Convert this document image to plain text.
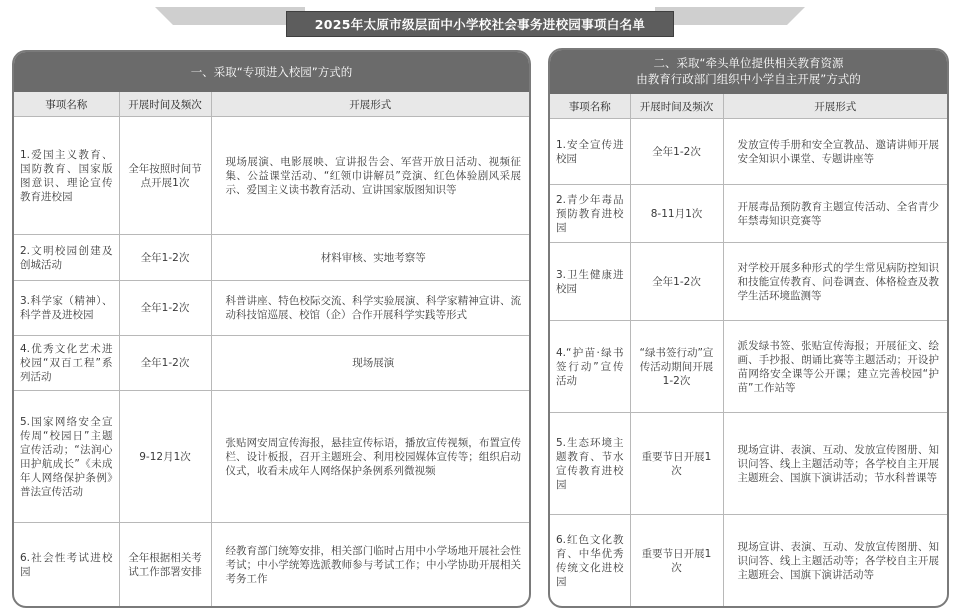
2025年太原市级层面中小学校社会事务进校园事项白名单
一、采取“专项进入校园”方式的
事项名称	开展时间及频次	开展形式
1.爱国主义教育、国防教育、国家版图意识、理论宣传教育进校园	全年按照时间节点开展1次	现场展演、电影展映、宣讲报告会、军营开放日活动、视频征集、公益课堂活动、“红领巾讲解员”竞演、红色体验剧风采展示、爱国主义读书教育活动、宣讲国家版图知识等
2.文明校园创建及创城活动	全年1-2次	材料审核、实地考察等
3.科学家（精神）、科学普及进校园	全年1-2次	科普讲座、特色校际交流、科学实验展演、科学家精神宣讲、流动科技馆巡展、校馆（企）合作开展科学实践等形式
4.优秀文化艺术进校园“双百工程”系列活动	全年1-2次	现场展演
5.国家网络安全宣传周“校园日”主题宣传活动；“法润心田护航成长”《未成年人网络保护条例》普法宣传活动	9-12月1次	张贴网安周宣传海报，悬挂宣传标语，播放宣传视频，布置宣传栏、设计板报，召开主题班会、利用校园媒体宣传等；组织启动仪式，收看未成年人网络保护条例系列微视频
6.社会性考试进校园	全年根据相关考试工作部署安排	经教育部门统筹安排，相关部门临时占用中小学场地开展社会性考试；中小学统筹选派教师参与考试工作；中小学协助开展相关考务工作
二、采取“牵头单位提供相关教育资源
由教育行政部门组织中小学自主开展”方式的
事项名称	开展时间及频次	开展形式
1.安全宣传进校园	全年1-2次	发放宣传手册和安全宣教品、邀请讲师开展安全知识小课堂、专题讲座等
2.青少年毒品预防教育进校园	8-11月1次	开展毒品预防教育主题宣传活动、全省青少年禁毒知识竞赛等
3.卫生健康进校园	全年1-2次	对学校开展多种形式的学生常见病防控知识和技能宣传教育、问卷调查、体格检查及教学生活环境监测等
4.“护苗·绿书签行动”宣传活动	“绿书签行动”宣传活动期间开展1-2次	派发绿书签、张贴宣传海报；开展征文、绘画、手抄报、朗诵比赛等主题活动；开设护苗网络安全课等公开课；建立完善校园“护苗”工作站等
5.生态环境主题教育、节水宣传教育进校园	重要节日开展1次	现场宣讲、表演、互动、发放宣传图册、知识问答、线上主题活动等；各学校自主开展主题班会、国旗下演讲活动；节水科普课等
6.红色文化教育、中华优秀传统文化进校园	重要节日开展1次	现场宣讲、表演、互动、发放宣传图册、知识问答、线上主题活动等；各学校自主开展主题班会、国旗下演讲活动等
